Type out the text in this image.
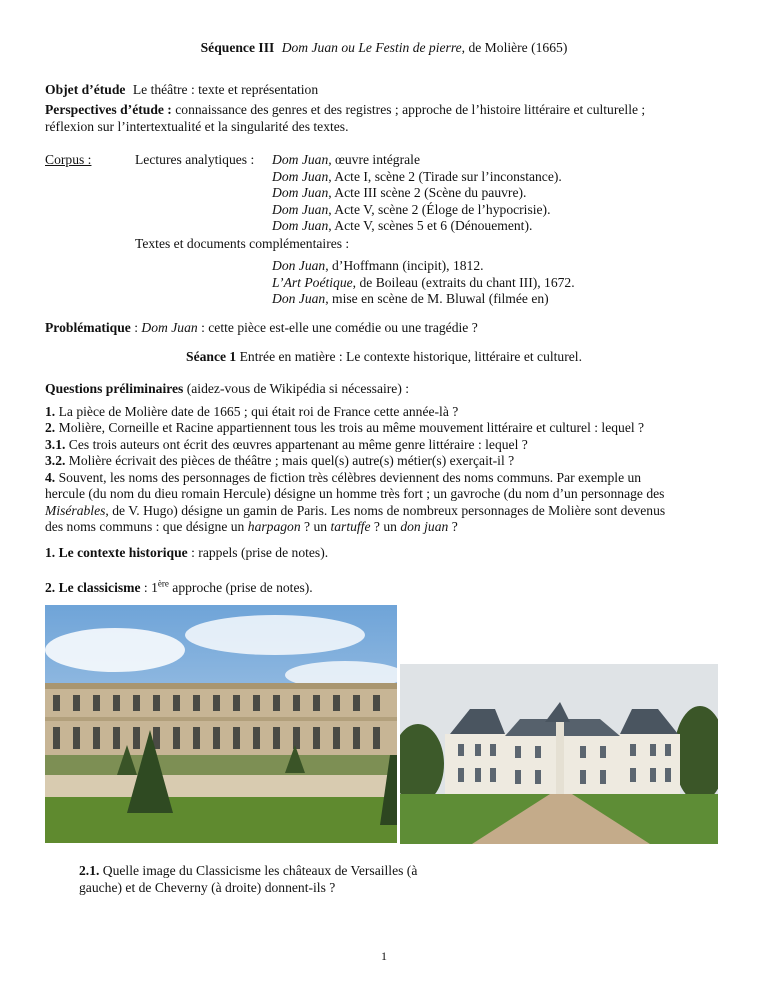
Séquence III Dom Juan ou Le Festin de pierre, de Molière (1665)
Objet d’étude Le théâtre : texte et représentation
Perspectives d’étude : connaissance des genres et des registres ; approche de l’histoire littéraire et culturelle ;
réflexion sur l’intertextualité et la singularité des textes.
Corpus :	Lectures analytiques : Dom Juan, œuvre intégrale
Dom Juan, Acte I, scène 2 (Tirade sur l’inconstance).
Dom Juan, Acte III scène 2 (Scène du pauvre).
Dom Juan, Acte V, scène 2 (Éloge de l’hypocrisie).
Dom Juan, Acte V, scènes 5 et 6 (Dénouement).
Textes et documents complémentaires :
Don Juan, d’Hoffmann (incipit), 1812.
L’Art Poétique, de Boileau (extraits du chant III), 1672.
Don Juan, mise en scène de M. Bluwal (filmée en)
Problématique : Dom Juan : cette pièce est-elle une comédie ou une tragédie ?
Séance 1 Entrée en matière : Le contexte historique, littéraire et culturel.
Questions préliminaires (aidez-vous de Wikipédia si nécessaire) :
1. La pièce de Molière date de 1665 ; qui était roi de France cette année-là ?
2. Molière, Corneille et Racine appartiennent tous les trois au même mouvement littéraire et culturel : lequel ?
3.1. Ces trois auteurs ont écrit des œuvres appartenant au même genre littéraire : lequel ?
3.2. Molière écrivait des pièces de théâtre ; mais quel(s) autre(s) métier(s) exerçait-il ?
4. Souvent, les noms des personnages de fiction très célèbres deviennent des noms communs. Par exemple un
hercule (du nom du dieu romain Hercule) désigne un homme très fort ; un gavroche (du nom d’un personnage des
Misérables, de V. Hugo) désigne un gamin de Paris. Les noms de nombreux personnages de Molière sont devenus
des noms communs : que désigne un harpagon ? un tartuffe ? un don juan ?
1. Le contexte historique : rappels (prise de notes).
2. Le classicisme : 1ère approche (prise de notes).
2.1. Quelle image du Classicisme les châteaux de Versailles (à
gauche) et de Cheverny (à droite) donnent-ils ?
1
